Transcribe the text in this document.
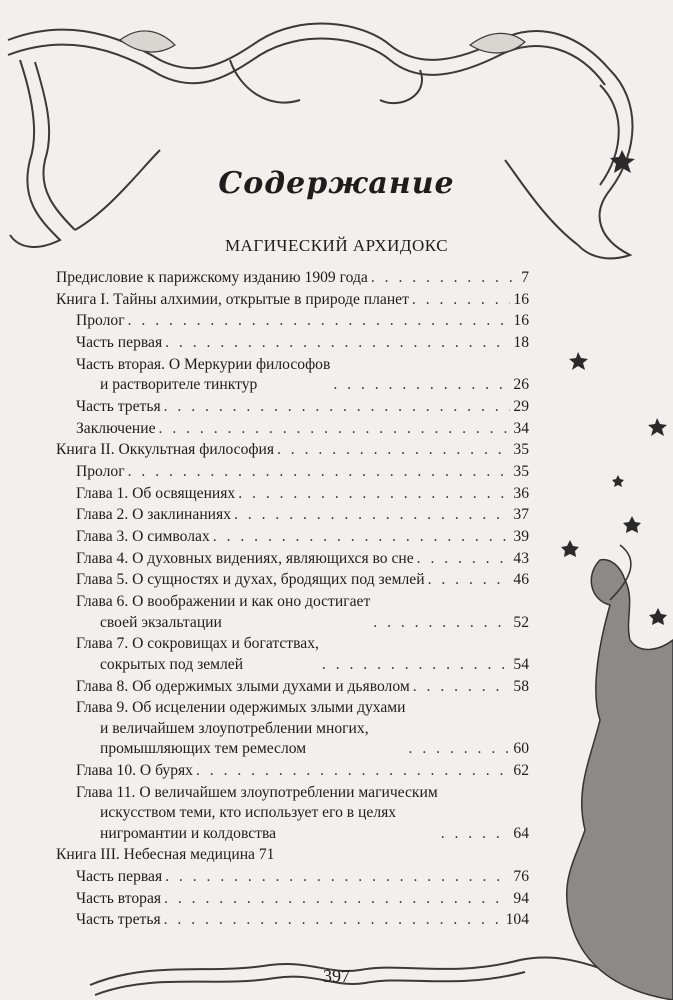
Содержание
МАГИЧЕСКИЙ АРХИДОКС
Предисловие к парижскому изданию 1909 года . . .	7
Книга I. Тайны алхимии, открытые в природе планет . . .	16
Пролог . . .	16
Часть первая . . .	18
Часть вторая. О Меркурии философов
и растворителе тинктур . . .	26
Часть третья . . .	29
Заключение . . .	34
Книга II. Оккультная философия . . .	35
Пролог . . .	35
Глава 1. Об освящениях . . .	36
Глава 2. О заклинаниях . . .	37
Глава 3. О символах . . .	39
Глава 4. О духовных видениях, являющихся во сне . . .	43
Глава 5. О сущностях и духах, бродящих под землей . . .	46
Глава 6. О воображении и как оно достигает
своей экзальтации . . .	52
Глава 7. О сокровищах и богатствах,
сокрытых под землей . . .	54
Глава 8. Об одержимых злыми духами и дьяволом . . .	58
Глава 9. Об исцелении одержимых злыми духами
и величайшем злоупотреблении многих,
промышляющих тем ремеслом . . .	60
Глава 10. О бурях . . .	62
Глава 11. О величайшем злоупотреблении магическим
искусством теми, кто использует его в целях
нигромантии и колдовства . . .	64
Книга III. Небесная медицина 71
Часть первая . . .	76
Часть вторая . . .	94
Часть третья . . .	104
397
